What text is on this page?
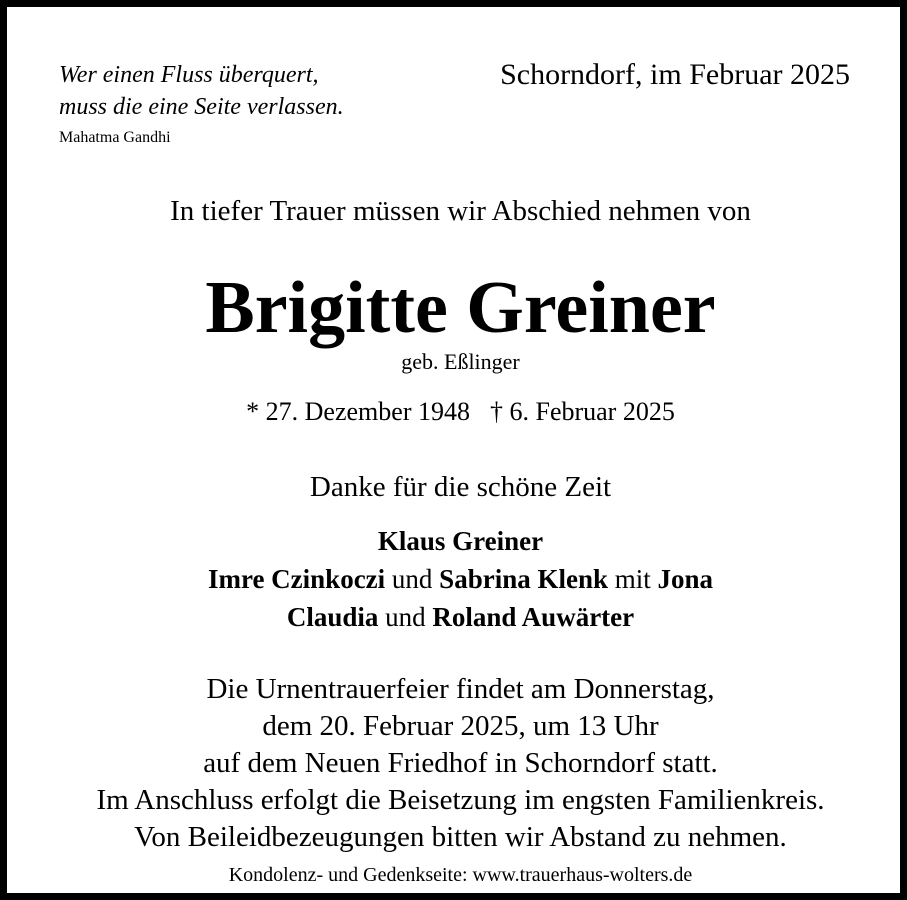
Wer einen Fluss überquert,
muss die eine Seite verlassen.
Mahatma Gandhi
Schorndorf, im Februar 2025
In tiefer Trauer müssen wir Abschied nehmen von
Brigitte Greiner
geb. Eßlinger
* 27. Dezember 1948 † 6. Februar 2025
Danke für die schöne Zeit
Klaus Greiner
Imre Czinkoczi und Sabrina Klenk mit Jona
Claudia und Roland Auwärter
Die Urnentrauerfeier findet am Donnerstag,
dem 20. Februar 2025, um 13 Uhr
auf dem Neuen Friedhof in Schorndorf statt.
Im Anschluss erfolgt die Beisetzung im engsten Familienkreis.
Von Beileidbezeugungen bitten wir Abstand zu nehmen.
Kondolenz- und Gedenkseite: www.trauerhaus-wolters.de
